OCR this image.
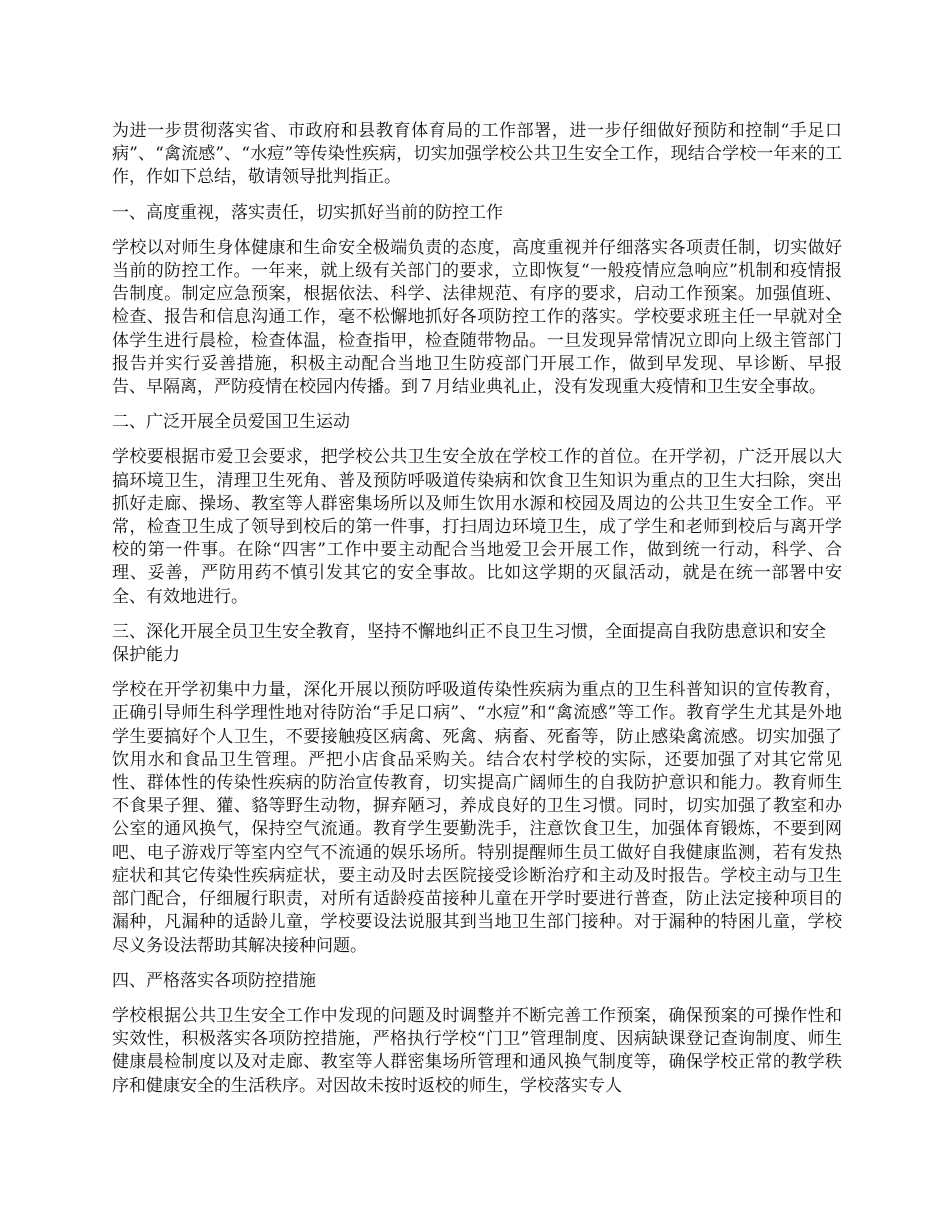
为进一步贯彻落实省、市政府和县教育体育局的工作部署，进一步仔细做好预防和控制“手足口病”、“禽流感”、“水痘”等传染性疾病，切实加强学校公共卫生安全工作，现结合学校一年来的工作，作如下总结，敬请领导批判指正。

一、高度重视，落实责任，切实抓好当前的防控工作

学校以对师生身体健康和生命安全极端负责的态度，高度重视并仔细落实各项责任制，切实做好当前的防控工作。一年来，就上级有关部门的要求，立即恢复“一般疫情应急响应”机制和疫情报告制度。制定应急预案，根据依法、科学、法律规范、有序的要求，启动工作预案。加强值班、检查、报告和信息沟通工作，毫不松懈地抓好各项防控工作的落实。学校要求班主任一早就对全体学生进行晨检，检查体温，检查指甲，检查随带物品。一旦发现异常情况立即向上级主管部门报告并实行妥善措施，积极主动配合当地卫生防疫部门开展工作，做到早发现、早诊断、早报告、早隔离，严防疫情在校园内传播。到７月结业典礼止，没有发现重大疫情和卫生安全事故。

二、广泛开展全员爱国卫生运动

学校要根据市爱卫会要求，把学校公共卫生安全放在学校工作的首位。在开学初，广泛开展以大搞环境卫生，清理卫生死角、普及预防呼吸道传染病和饮食卫生知识为重点的卫生大扫除，突出抓好走廊、操场、教室等人群密集场所以及师生饮用水源和校园及周边的公共卫生安全工作。平常，检查卫生成了领导到校后的第一件事，打扫周边环境卫生，成了学生和老师到校后与离开学校的第一件事。在除“四害”工作中要主动配合当地爱卫会开展工作，做到统一行动，科学、合理、妥善，严防用药不慎引发其它的安全事故。比如这学期的灭鼠活动，就是在统一部署中安全、有效地进行。

三、深化开展全员卫生安全教育，坚持不懈地纠正不良卫生习惯，全面提高自我防患意识和安全保护能力

学校在开学初集中力量，深化开展以预防呼吸道传染性疾病为重点的卫生科普知识的宣传教育，正确引导师生科学理性地对待防治“手足口病”、“水痘”和“禽流感”等工作。教育学生尤其是外地学生要搞好个人卫生，不要接触疫区病禽、死禽、病畜、死畜等，防止感染禽流感。切实加强了饮用水和食品卫生管理。严把小店食品采购关。结合农村学校的实际，还要加强了对其它常见性、群体性的传染性疾病的防治宣传教育，切实提高广阔师生的自我防护意识和能力。教育师生不食果子狸、獾、貉等野生动物，摒弃陋习，养成良好的卫生习惯。同时，切实加强了教室和办公室的通风换气，保持空气流通。教育学生要勤洗手，注意饮食卫生，加强体育锻炼，不要到网吧、电子游戏厅等室内空气不流通的娱乐场所。特别提醒师生员工做好自我健康监测，若有发热症状和其它传染性疾病症状，要主动及时去医院接受诊断治疗和主动及时报告。学校主动与卫生部门配合，仔细履行职责，对所有适龄疫苗接种儿童在开学时要进行普查，防止法定接种项目的漏种，凡漏种的适龄儿童，学校要设法说服其到当地卫生部门接种。对于漏种的特困儿童，学校尽义务设法帮助其解决接种问题。

四、严格落实各项防控措施

学校根据公共卫生安全工作中发现的问题及时调整并不断完善工作预案，确保预案的可操作性和实效性，积极落实各项防控措施，严格执行学校“门卫”管理制度、因病缺课登记查询制度、师生健康晨检制度以及对走廊、教室等人群密集场所管理和通风换气制度等，确保学校正常的教学秩序和健康安全的生活秩序。对因故未按时返校的师生，学校落实专人
